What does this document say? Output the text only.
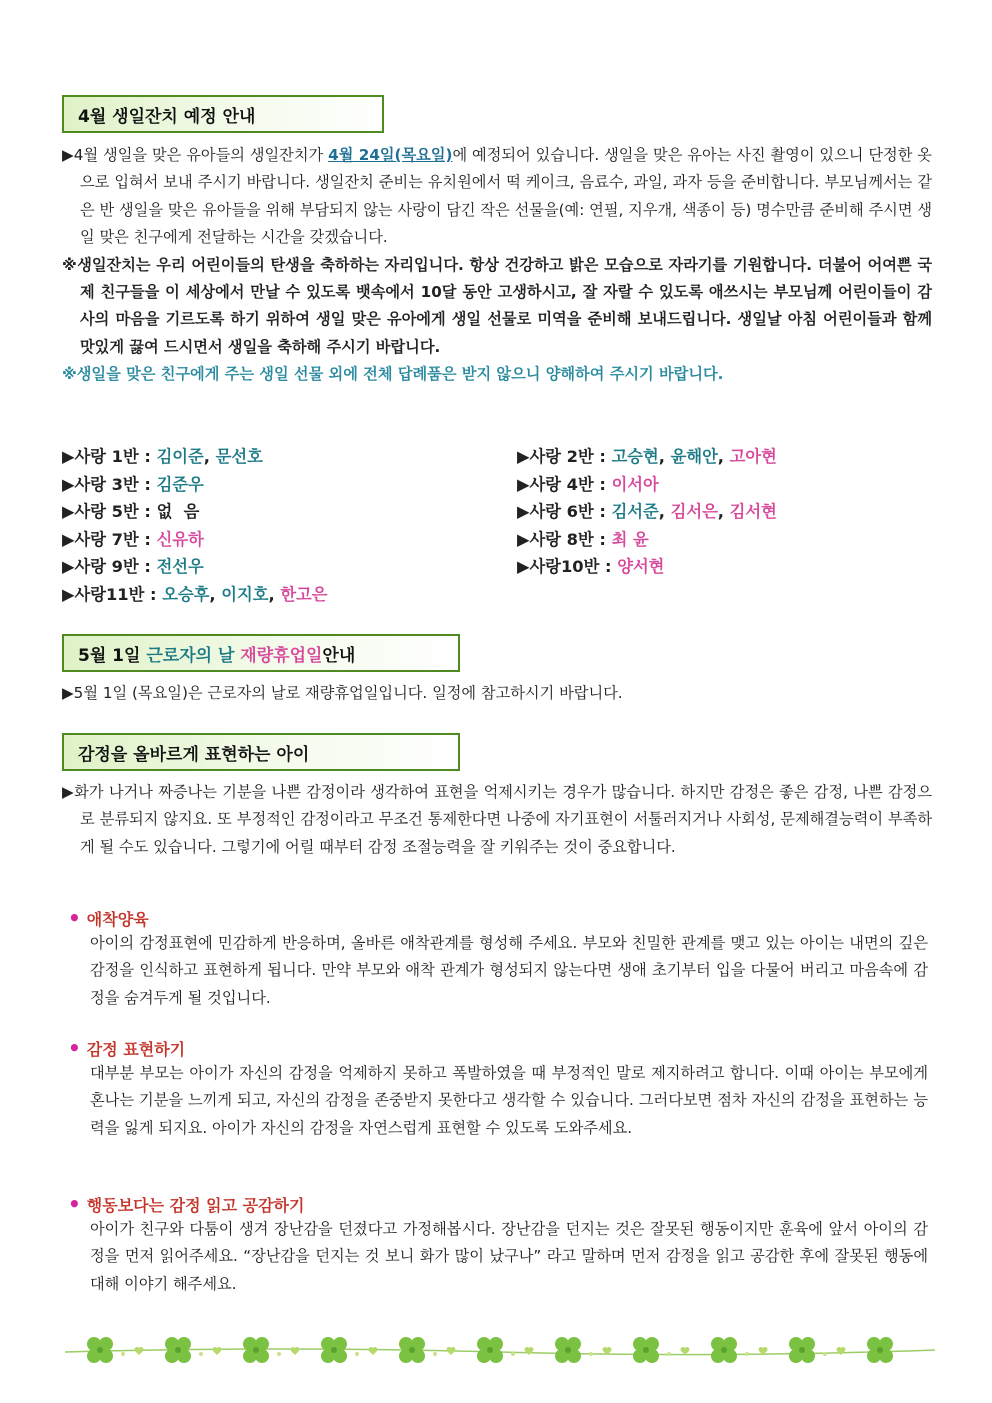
4월 생일잔치 예정 안내
▶4월 생일을 맞은 유아들의 생일잔치가 4월 24일(목요일)에 예정되어 있습니다. 생일을 맞은 유아는 사진 촬영이 있으니 단정한 옷으로 입혀서 보내 주시기 바랍니다. 생일잔치 준비는 유치원에서 떡 케이크, 음료수, 과일, 과자 등을 준비합니다. 부모님께서는 같은 반 생일을 맞은 유아들을 위해 부담되지 않는 사랑이 담긴 작은 선물을(예: 연필, 지우개, 색종이 등) 명수만큼 준비해 주시면 생일 맞은 친구에게 전달하는 시간을 갖겠습니다.
※생일잔치는 우리 어린이들의 탄생을 축하하는 자리입니다. 항상 건강하고 밝은 모습으로 자라기를 기원합니다. 더불어 어여쁜 국제 친구들을 이 세상에서 만날 수 있도록 뱃속에서 10달 동안 고생하시고, 잘 자랄 수 있도록 애쓰시는 부모님께 어린이들이 감사의 마음을 기르도록 하기 위하여 생일 맞은 유아에게 생일 선물로 미역을 준비해 보내드립니다. 생일날 아침 어린이들과 함께 맛있게 끓여 드시면서 생일을 축하해 주시기 바랍니다.
※생일을 맞은 친구에게 주는 생일 선물 외에 전체 답례품은 받지 않으니 양해하여 주시기 바랍니다.
▶사랑 1반 : 김이준, 문선호	▶사랑 2반 : 고승현, 윤해안, 고아현
▶사랑 3반 : 김준우	▶사랑 4반 : 이서아
▶사랑 5반 : 없  음	▶사랑 6반 : 김서준, 김서은, 김서현
▶사랑 7반 : 신유하	▶사랑 8반 : 최 윤
▶사랑 9반 : 전선우	▶사랑10반 : 양서현
▶사랑11반 : 오승후, 이지호, 한고은
5월 1일
근로자의 날
재량휴업일 안내
▶5월 1일 (목요일)은 근로자의 날로 재량휴업일입니다. 일정에 참고하시기 바랍니다.
감정을 올바르게 표현하는 아이
▶화가 나거나 짜증나는 기분을 나쁜 감정이라 생각하여 표현을 억제시키는 경우가 많습니다. 하지만 감정은 좋은 감정, 나쁜 감정으로 분류되지 않지요. 또 부정적인 감정이라고 무조건 통제한다면 나중에 자기표현이 서툴러지거나 사회성, 문제해결능력이 부족하게 될 수도 있습니다. 그렇기에 어릴 때부터 감정 조절능력을 잘 키워주는 것이 중요합니다.
• 애착양육
아이의 감정표현에 민감하게 반응하며, 올바른 애착관계를 형성해 주세요. 부모와 친밀한 관계를 맺고 있는 아이는 내면의 깊은 감정을 인식하고 표현하게 됩니다. 만약 부모와 애착 관계가 형성되지 않는다면 생애 초기부터 입을 다물어 버리고 마음속에 감정을 숨겨두게 될 것입니다.
• 감정 표현하기
대부분 부모는 아이가 자신의 감정을 억제하지 못하고 폭발하였을 때 부정적인 말로 제지하려고 합니다. 이때 아이는 부모에게 혼나는 기분을 느끼게 되고, 자신의 감정을 존중받지 못한다고 생각할 수 있습니다. 그러다보면 점차 자신의 감정을 표현하는 능력을 잃게 되지요. 아이가 자신의 감정을 자연스럽게 표현할 수 있도록 도와주세요.
• 행동보다는 감정 읽고 공감하기
아이가 친구와 다툼이 생겨 장난감을 던졌다고 가정해봅시다. 장난감을 던지는 것은 잘못된 행동이지만 훈육에 앞서 아이의 감정을 먼저 읽어주세요. “장난감을 던지는 것 보니 화가 많이 났구나” 라고 말하며 먼저 감정을 읽고 공감한 후에 잘못된 행동에 대해 이야기 해주세요.
